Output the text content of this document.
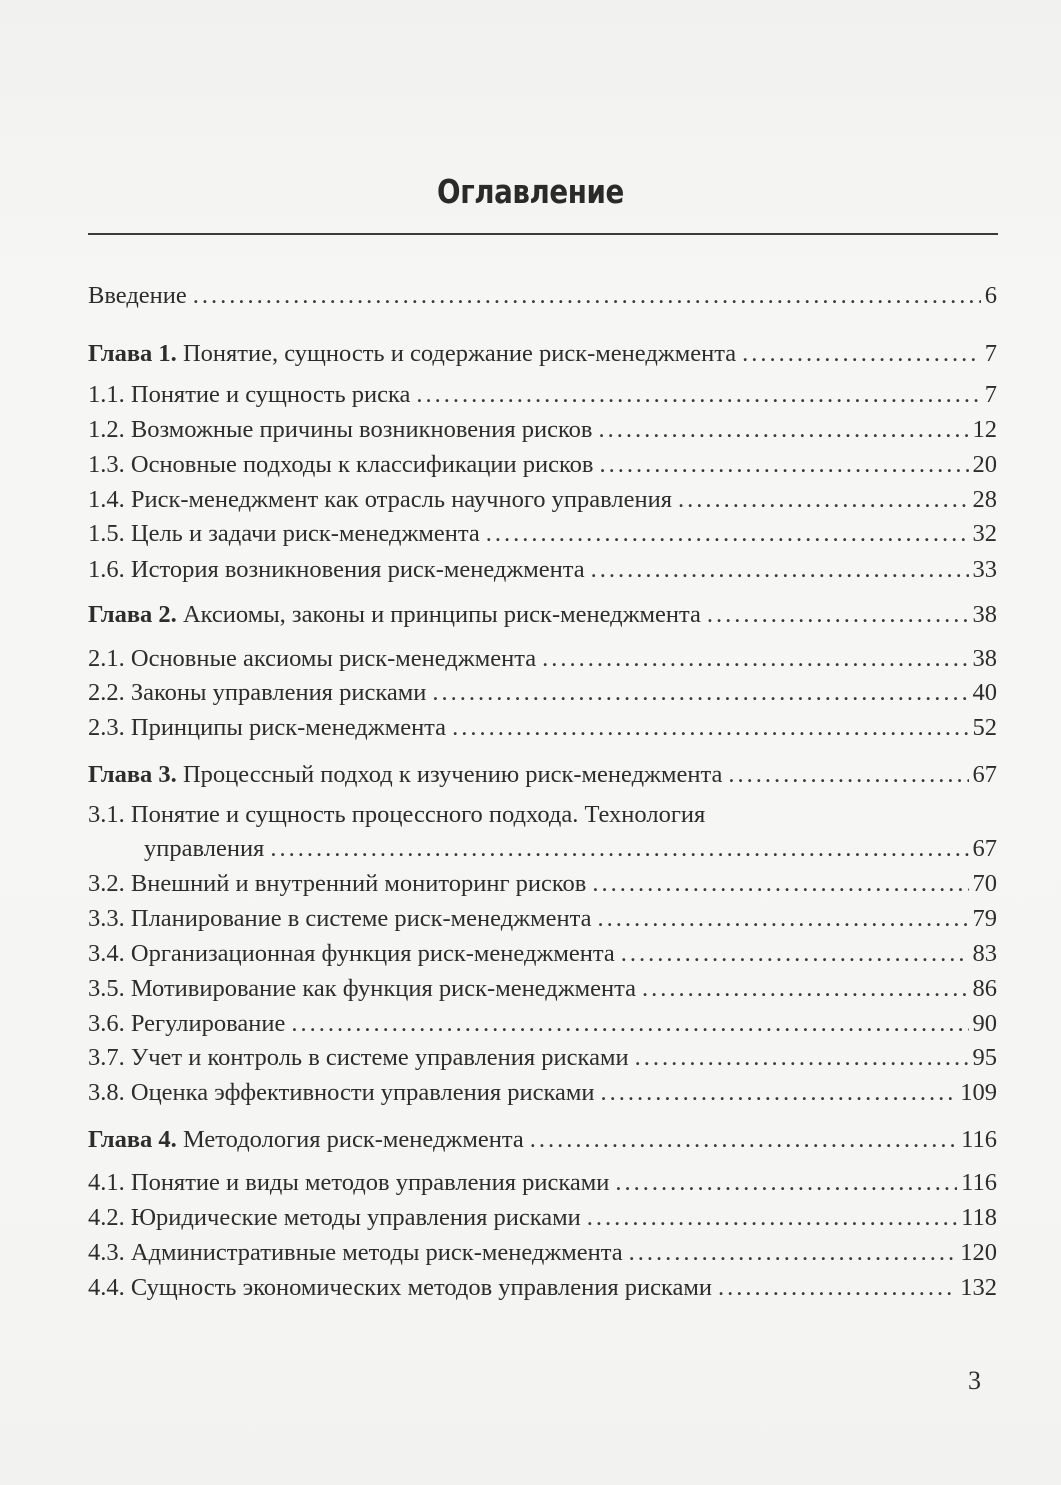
Оглавление
Введение .....	6
Глава 1.
Понятие, сущность и содержание риск-менеджмента .....	7
1.1.
Понятие и сущность риска .....	7
1.2.
Возможные причины возникновения рисков .....	12
1.3.
Основные подходы к классификации рисков .....	20
1.4.
Риск-менеджмент как отрасль научного управления .....	28
1.5.
Цель и задачи риск-менеджмента .....	32
1.6.
История возникновения риск-менеджмента .....	33
Глава 2.
Аксиомы, законы и принципы риск-менеджмента .....	38
2.1.
Основные аксиомы риск-менеджмента .....	38
2.2.
Законы управления рисками .....	40
2.3.
Принципы риск-менеджмента .....	52
Глава 3.
Процессный подход к изучению риск-менеджмента .....	67
3.1. Понятие и сущность процессного подхода. Технология
управления .....	67
3.2.
Внешний и внутренний мониторинг рисков .....	70
3.3.
Планирование в системе риск-менеджмента .....	79
3.4.
Организационная функция риск-менеджмента .....	83
3.5.
Мотивирование как функция риск-менеджмента .....	86
3.6.
Регулирование .....	90
3.7.
Учет и контроль в системе управления рисками .....	95
3.8.
Оценка эффективности управления рисками .....	109
Глава 4.
Методология риск-менеджмента .....	116
4.1.
Понятие и виды методов управления рисками .....	116
4.2.
Юридические методы управления рисками .....	118
4.3.
Административные методы риск-менеджмента .....	120
4.4.
Сущность экономических методов управления рисками .....	132
3
